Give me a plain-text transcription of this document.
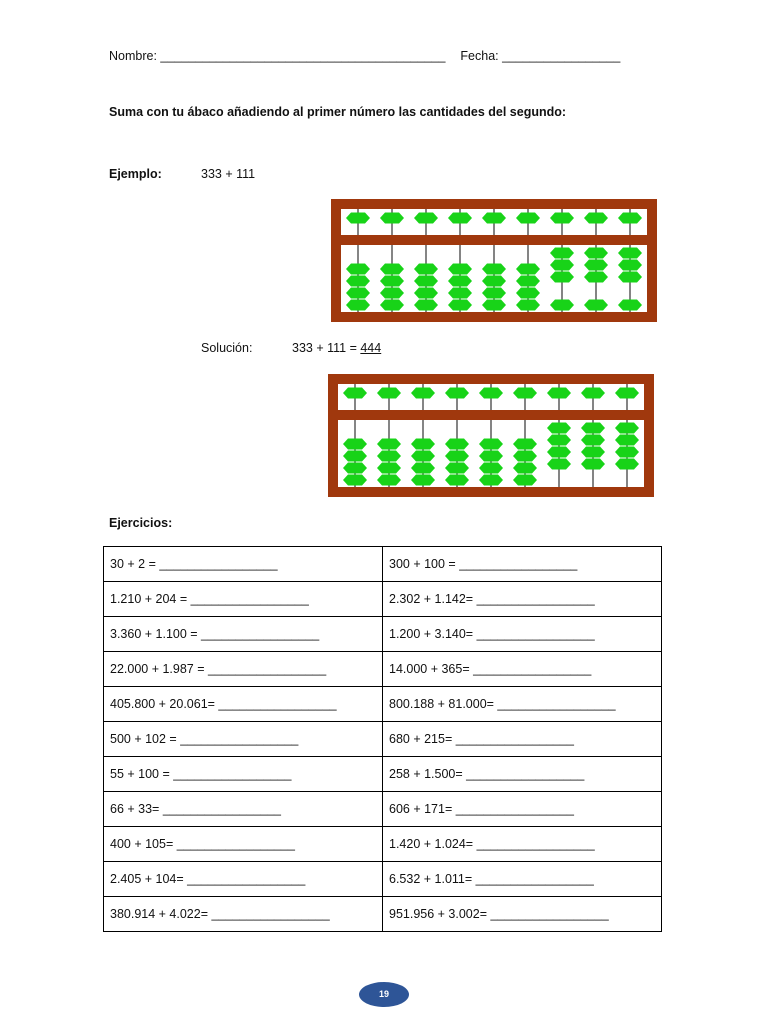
Nombre: _________________________________________ Fecha: _________________
Suma con tu ábaco añadiendo al primer número las cantidades del segundo:
Ejemplo:	333 + 111
Solución:	333 + 111 = 444
Ejercicios:
30 + 2 = _________________	300 + 100 = _________________
1.210 + 204 = _________________	2.302 + 1.142= _________________
3.360 + 1.100 = _________________	1.200 + 3.140= _________________
22.000 + 1.987 = _________________	14.000 + 365= _________________
405.800 + 20.061= _________________	800.188 + 81.000= _________________
500 + 102 = _________________	680 + 215= _________________
55 + 100 = _________________	258 + 1.500= _________________
66 + 33= _________________	606 + 171= _________________
400 + 105= _________________	1.420 + 1.024= _________________
2.405 + 104= _________________	6.532 + 1.011= _________________
380.914 + 4.022= _________________	951.956 + 3.002= _________________
19
